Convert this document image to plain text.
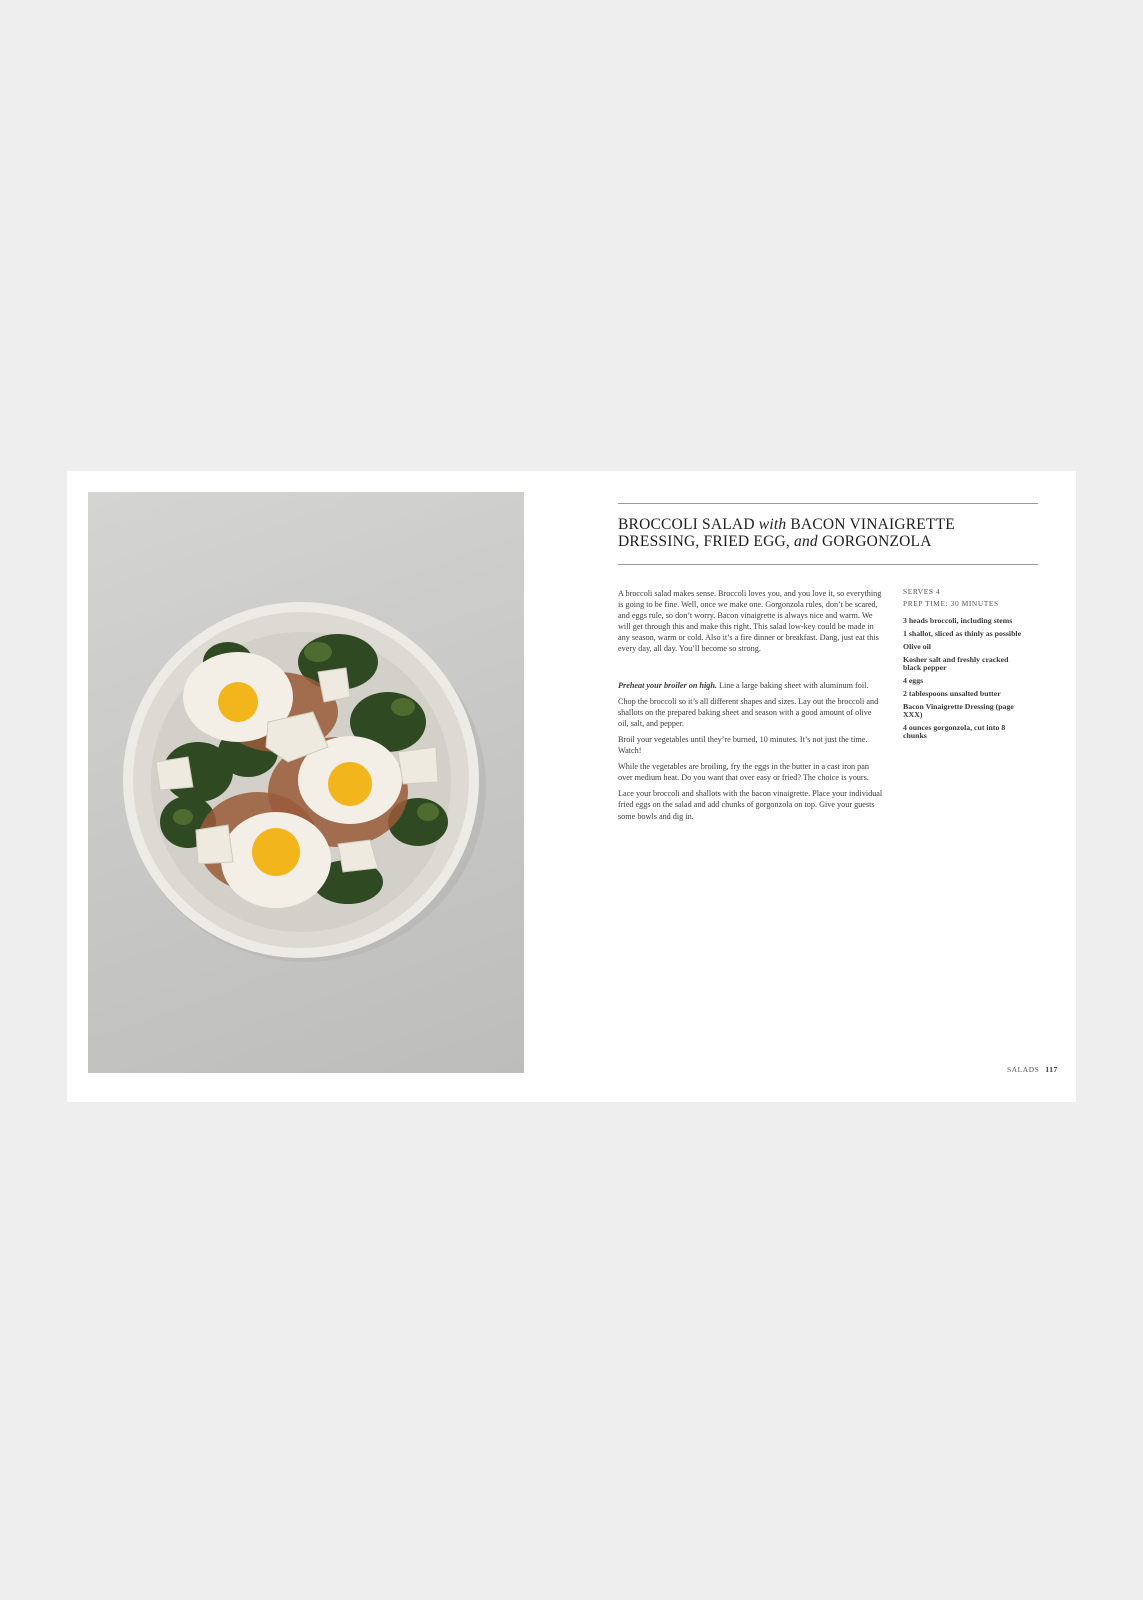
BROCCOLI SALAD with BACON VINAIGRETTE
DRESSING, FRIED EGG, and GORGONZOLA

A broccoli salad makes sense. Broccoli loves you, and you love it, so everything is going to be fine. Well, once we make one. Gorgonzola rules, don’t be scared, and eggs rule, so don’t worry. Bacon vinaigrette is always nice and warm. We will get through this and make this right. This salad low-key could be made in any season, warm or cold. Also it’s a fire dinner or breakfast. Dang, just eat this every day, all day. You’ll become so strong.

Preheat your broiler on high. Line a large baking sheet with aluminum foil.

Chop the broccoli so it’s all different shapes and sizes. Lay out the broccoli and shallots on the prepared baking sheet and season with a good amount of olive oil, salt, and pepper.

Broil your vegetables until they’re burned, 10 minutes. It’s not just the time. Watch!

While the vegetables are broiling, fry the eggs in the butter in a cast iron pan over medium heat. Do you want that over easy or fried? The choice is yours.

Lace your broccoli and shallots with the bacon vinaigrette. Place your individual fried eggs on the salad and add chunks of gorgonzola on top. Give your guests some bowls and dig in.

SERVES 4
PREP TIME: 30 MINUTES
3 heads broccoli, including stems
1 shallot, sliced as thinly as possible
Olive oil
Kosher salt and freshly cracked black pepper
4 eggs
2 tablespoons unsalted butter
Bacon Vinaigrette Dressing (page XXX)
4 ounces gorgonzola, cut into 8 chunks
SALADS 117
